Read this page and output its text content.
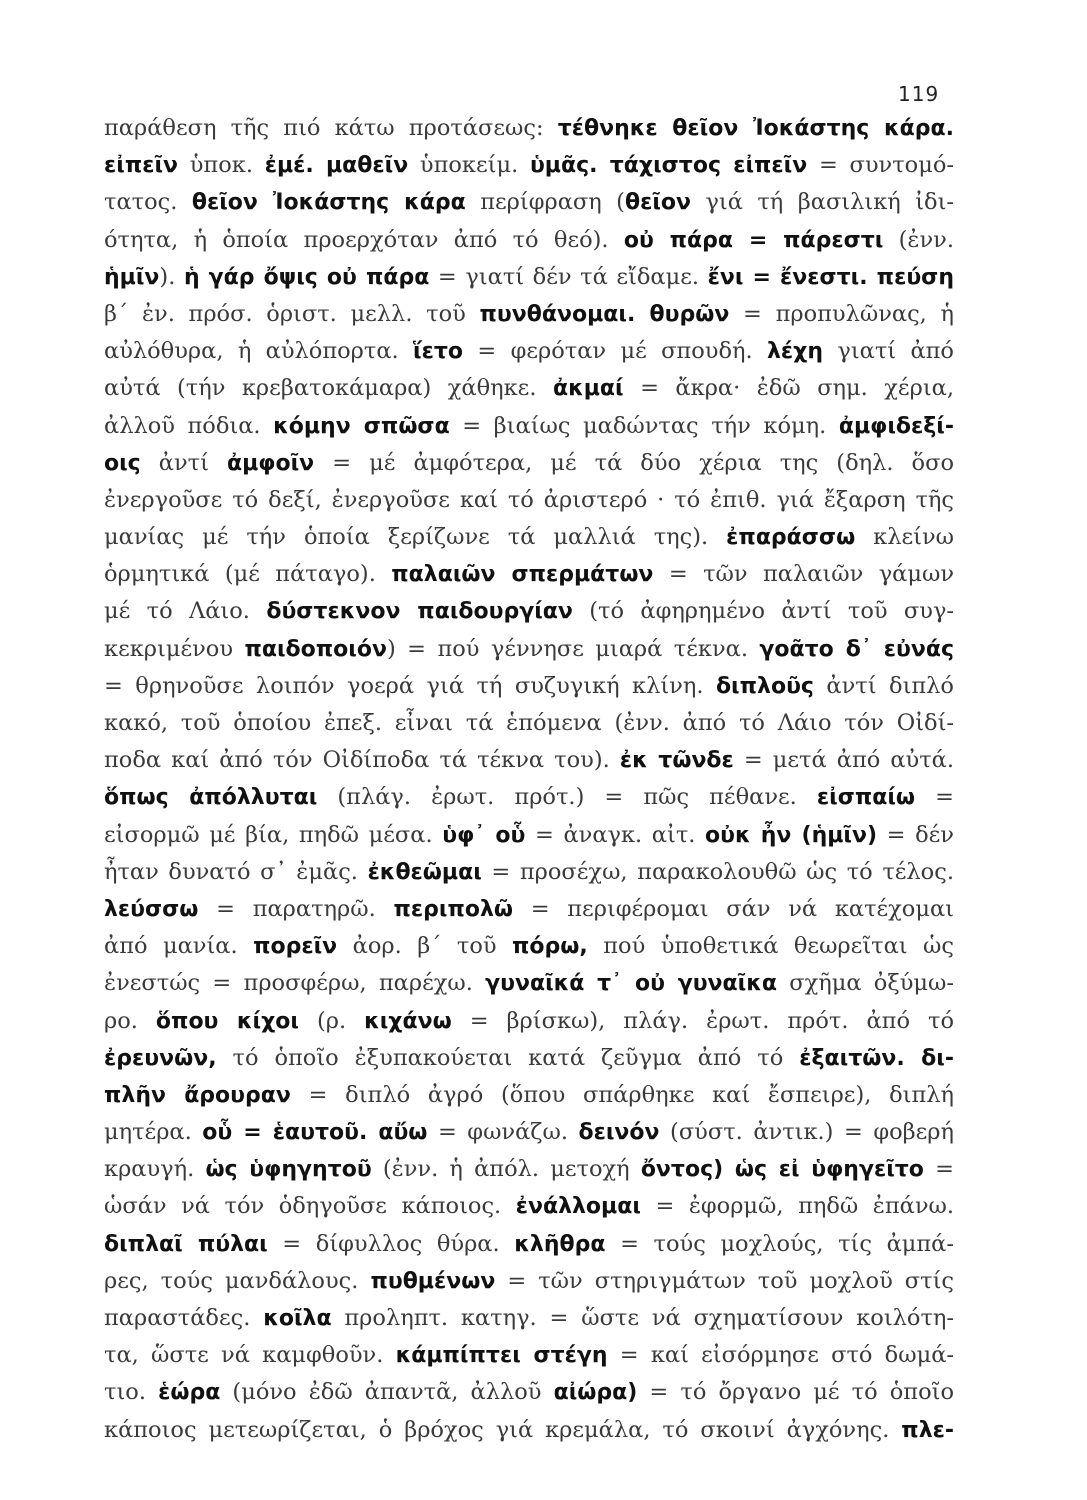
119
παράθεση τῆς πιό κάτω προτάσεως: τέθνηκε θεῖον Ἰοκάστης κάρα.
εἰπεῖν ὑποκ. ἐμέ. μαθεῖν ὑποκείμ. ὑμᾶς. τάχιστος εἰπεῖν = συντομό-
τατος. θεῖον Ἰοκάστης κάρα περίφραση (θεῖον γιά τή βασιλική ἰδι-
ότητα, ἡ ὁποία προερχόταν ἀπό τό θεό). οὐ πάρα = πάρεστι (ἐνν.
ἡμῖν). ἡ γάρ ὄψις οὐ πάρα = γιατί δέν τά εἴδαμε. ἔνι = ἔνεστι. πεύση
β΄ ἐν. πρόσ. ὁριστ. μελλ. τοῦ πυνθάνομαι. θυρῶν = προπυλῶνας, ἡ
αὐλόθυρα, ἡ αὐλόπορτα. ἵετο = φερόταν μέ σπουδή. λέχη γιατί ἀπό
αὐτά (τήν κρεβατοκάμαρα) χάθηκε. ἀκμαί = ἄκρα· ἐδῶ σημ. χέρια,
ἀλλοῦ πόδια. κόμην σπῶσα = βιαίως μαδώντας τήν κόμη. ἀμφιδεξί-
οις ἀντί ἀμφοῖν = μέ ἀμφότερα, μέ τά δύο χέρια της (δηλ. ὅσο
ἐνεργοῦσε τό δεξί, ἐνεργοῦσε καί τό ἀριστερό · τό ἐπιθ. γιά ἔξαρση τῆς
μανίας μέ τήν ὁποία ξερίζωνε τά μαλλιά της). ἐπαράσσω κλείνω
ὁρμητικά (μέ πάταγο). παλαιῶν σπερμάτων = τῶν παλαιῶν γάμων
μέ τό Λάιο. δύστεκνον παιδουργίαν (τό ἀφηρημένο ἀντί τοῦ συγ-
κεκριμένου παιδοποιόν) = πού γέννησε μιαρά τέκνα. γοᾶτο δ᾽ εὐνάς
= θρηνοῦσε λοιπόν γοερά γιά τή συζυγική κλίνη. διπλοῦς ἀντί διπλό
κακό, τοῦ ὁποίου ἐπεξ. εἶναι τά ἑπόμενα (ἐνν. ἀπό τό Λάιο τόν Οἰδί-
ποδα καί ἀπό τόν Οἰδίποδα τά τέκνα του). ἐκ τῶνδε = μετά ἀπό αὐτά.
ὅπως ἀπόλλυται (πλάγ. ἐρωτ. πρότ.) = πῶς πέθανε. εἰσπαίω =
εἰσορμῶ μέ βία, πηδῶ μέσα. ὑφ᾽ οὗ = ἀναγκ. αἰτ. οὐκ ἦν (ἡμῖν) = δέν
ἦταν δυνατό σ᾽ ἐμᾶς. ἐκθεῶμαι = προσέχω, παρακολουθῶ ὡς τό τέλος.
λεύσσω = παρατηρῶ. περιπολῶ = περιφέρομαι σάν νά κατέχομαι
ἀπό μανία. πορεῖν ἀορ. β΄ τοῦ πόρω, πού ὑποθετικά θεωρεῖται ὡς
ἐνεστώς = προσφέρω, παρέχω. γυναῖκά τ᾽ οὐ γυναῖκα σχῆμα ὀξύμω-
ρο. ὅπου κίχοι (ρ. κιχάνω = βρίσκω), πλάγ. ἐρωτ. πρότ. ἀπό τό
ἐρευνῶν, τό ὁποῖο ἐξυπακούεται κατά ζεῦγμα ἀπό τό ἐξαιτῶν. δι-
πλῆν ἄρουραν = διπλό ἀγρό (ὅπου σπάρθηκε καί ἔσπειρε), διπλή
μητέρα. οὗ = ἑαυτοῦ. αὔω = φωνάζω. δεινόν (σύστ. ἀντικ.) = φοβερή
κραυγή. ὡς ὑφηγητοῦ (ἐνν. ἡ ἀπόλ. μετοχή ὄντος) ὡς εἰ ὑφηγεῖτο =
ὡσάν νά τόν ὁδηγοῦσε κάποιος. ἐνάλλομαι = ἐφορμῶ, πηδῶ ἐπάνω.
διπλαῖ πύλαι = δίφυλλος θύρα. κλῆθρα = τούς μοχλούς, τίς ἀμπά-
ρες, τούς μανδάλους. πυθμένων = τῶν στηριγμάτων τοῦ μοχλοῦ στίς
παραστάδες. κοῖλα προληπτ. κατηγ. = ὥστε νά σχηματίσουν κοιλότη-
τα, ὥστε νά καμφθοῦν. κάμπίπτει στέγη = καί εἰσόρμησε στό δωμά-
τιο. ἑώρα (μόνο ἐδῶ ἀπαντᾶ, ἀλλοῦ αἰώρα) = τό ὄργανο μέ τό ὁποῖο
κάποιος μετεωρίζεται, ὁ βρόχος γιά κρεμάλα, τό σκοινί ἀγχόνης. πλε-
